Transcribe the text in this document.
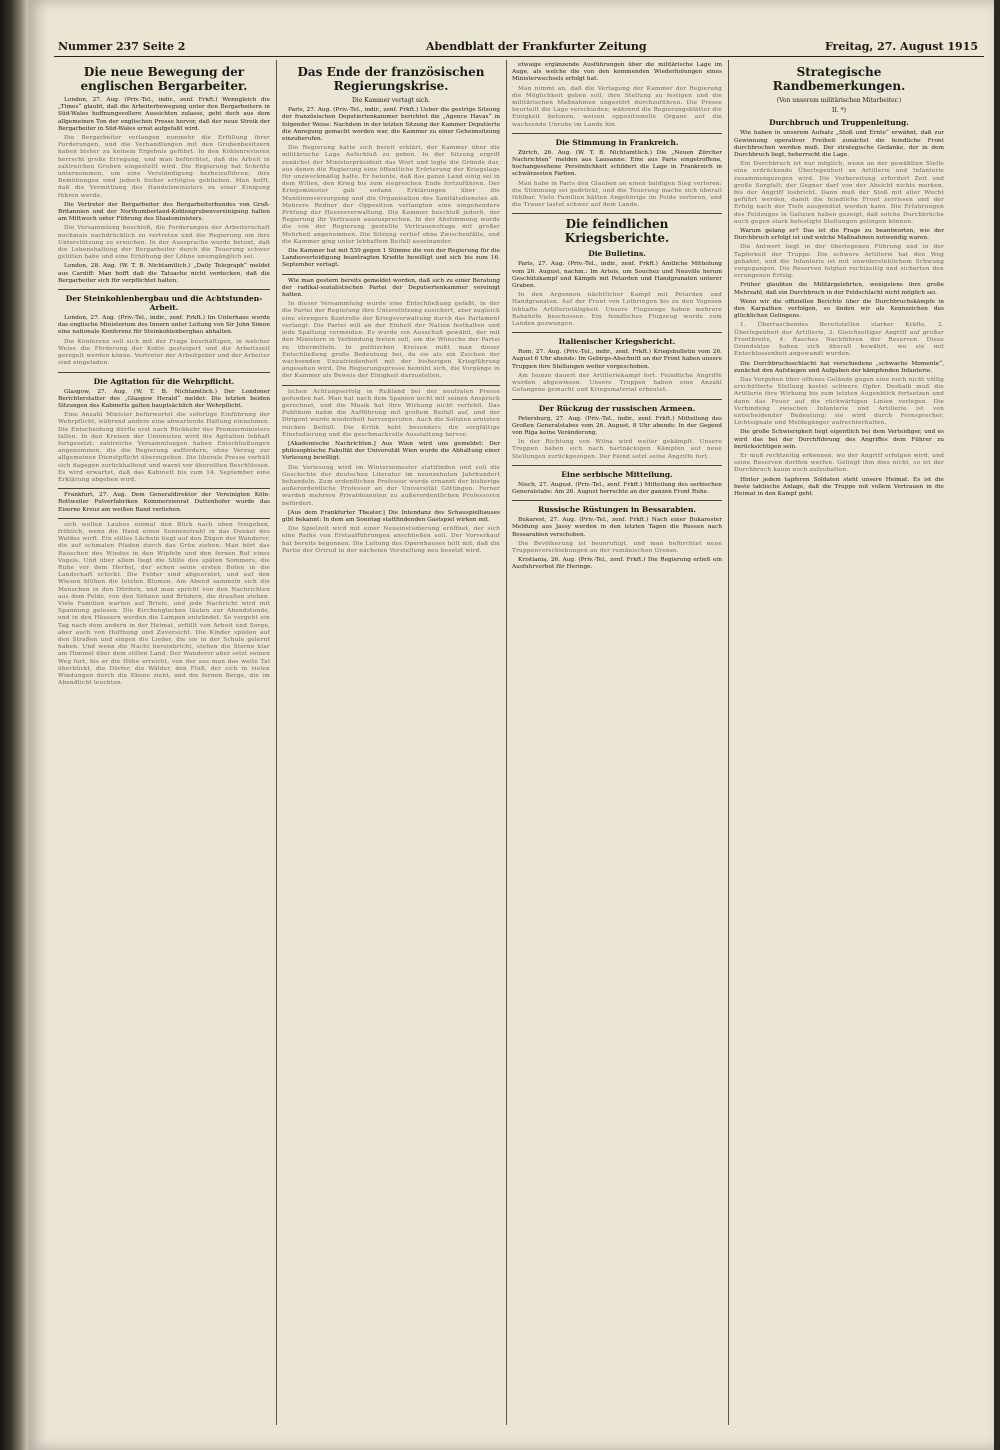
Nummer 237 Seite 2	Abendblatt der Frankfurter Zeitung	Freitag, 27. August 1915
Die neue Bewegung der englischen Bergarbeiter.

London, 27. Aug. (Priv.-Tel., indir., zenf. Frkft.) Wenngleich die „Times“ glaubt, daß die Arbeiterbewegung unter den Bergarbeitern in Süd-Wales hoffnungsvollere Aussichten zulasse, geht doch aus dem allgemeinen Ton der englischen Presse hervor, daß der neue Streik der Bergarbeiter in Süd-Wales ernst aufgefaßt wird.

Die Bergarbeiter verlangen nunmehr die Erfüllung ihrer Forderungen, und die Verhandlungen mit den Grubenbesitzern haben bisher zu keinem Ergebnis geführt. In den Kohlenrevieren herrscht große Erregung, und man befürchtet, daß die Arbeit in zahlreichen Gruben eingestellt wird. Die Regierung hat Schritte unternommen, um eine Verständigung herbeizuführen; ihre Bemühungen sind jedoch bisher erfolglos geblieben. Man hofft, daß die Vermittlung des Handelsministers zu einer Einigung führen werde.

Die Vertreter der Bergarbeiter des Bergarbeiterbundes von Groß-Britannien und der Northumberland-Kohlengrubenvereinigung halten am Mittwoch unter Führung des Staatsministers.

Die Versammlung beschloß, die Forderungen der Arbeiterschaft nochmals nachdrücklich zu vertreten und die Regierung um ihre Unterstützung zu ersuchen. In der Aussprache wurde betont, daß die Lebenshaltung der Bergarbeiter durch die Teuerung schwer gelitten habe und eine Erhöhung der Löhne unumgänglich sei.

London, 28. Aug. (W. T. B. Nichtamtlich.) „Daily Telegraph“ meldet aus Cardiff: Man hofft daß die Tatsache nicht verdecken, daß die Bergarbeiter sich für verpflichtet halten.

Der Steinkohlenbergbau und die Achtstunden-Arbeit.

London, 27. Aug. (Priv.-Tel., indir., zenf. Frkft.) Im Unterhaus wurde das englische Ministerium des Innern unter Leitung von Sir John Simon eine nationale Konferenz für Steinkohlenbergbau abhalten.

Die Konferenz soll sich mit der Frage beschäftigen, in welcher Weise die Förderung der Kohle gesteigert und die Arbeitszeit geregelt werden könne. Vertreter der Arbeitgeber und der Arbeiter sind eingeladen.

Die Agitation für die Wehrpflicht.

Glasgow, 27. Aug. (W. T. B. Nichtamtlich.) Der Londoner Berichterstatter des „Glasgow Herald“ meldet: Die letzten beiden Sitzungen des Kabinetts galten hauptsächlich der Wehrpflicht.

Eine Anzahl Minister befürwortet die sofortige Einführung der Wehrpflicht, während andere eine abwartende Haltung einnehmen. Die Entscheidung dürfte erst nach Rückkehr des Premierministers fallen. In den Kreisen der Unionisten wird die Agitation lebhaft fortgesetzt; zahlreiche Versammlungen haben Entschließungen angenommen, die die Regierung auffordern, ohne Verzug zur allgemeinen Dienstpflicht überzugehen. Die liberale Presse verhält sich dagegen zurückhaltend und warnt vor übereilten Beschlüssen. Es wird erwartet, daß das Kabinett bis zum 14. September eine Erklärung abgeben wird.

Frankfurt, 27. Aug. Dem Generaldirektor der Vereinigten Köln-Rottweiler Pulverfabriken Kommerzienrat Duttenhofer wurde das Eiserne Kreuz am weißen Band verliehen.

sich wollen Laubes einmal den Blick nach oben freigeben, fröhlich, wenn die Hand einen Sonnenstrahl in das Dunkel des Waldes wirft. Ein stilles Lächeln liegt auf den Zügen der Wanderer, die auf schmalen Pfaden durch das Grün ziehen. Man hört das Rauschen des Windes in den Wipfeln und den fernen Ruf eines Vogels. Und über allem liegt die Stille des späten Sommers, die Ruhe vor dem Herbst, der schon seine ersten Boten in die Landschaft schickt. Die Felder sind abgeerntet, und auf den Wiesen blühen die letzten Blumen. Am Abend sammeln sich die Menschen in den Dörfern, und man spricht von den Nachrichten aus dem Felde, von den Söhnen und Brüdern, die draußen stehen. Viele Familien warten auf Briefe, und jede Nachricht wird mit Spannung gelesen. Die Kirchenglocken läuten zur Abendstunde, und in den Häusern werden die Lampen entzündet. So vergeht ein Tag nach dem andern in der Heimat, erfüllt von Arbeit und Sorge, aber auch von Hoffnung und Zuversicht. Die Kinder spielen auf den Straßen und singen die Lieder, die sie in der Schule gelernt haben. Und wenn die Nacht hereinbricht, stehen die Sterne klar am Himmel über dem stillen Land. Der Wanderer aber setzt seinen Weg fort, bis er die Höhe erreicht, von der aus man das weite Tal überblickt, die Dörfer, die Wälder, den Fluß, der sich in vielen Windungen durch die Ebene zieht, und die fernen Berge, die im Abendlicht leuchten.

Das Ende der französischen Regierungskrise.

Die Kammer vertagt sich.

Paris, 27. Aug. (Priv.-Tel., indir., zenf. Frkft.) Ueber die gestrige Sitzung der französischen Deputiertenkammer berichtet die „Agence Havas“ in folgender Weise: Nachdem in der letzten Sitzung der Kammer Deputierte die Anregung gemacht worden war, die Kammer zu einer Geheimsitzung einzuberufen.

Die Regierung hatte sich bereit erklärt, der Kammer über die militärische Lage Aufschluß zu geben. In der Sitzung ergriff zunächst der Ministerpräsident das Wort und legte die Gründe dar, aus denen die Regierung eine öffentliche Erörterung der Kriegslage für unzweckmäßig halte. Er betonte, daß das ganze Land einig sei in dem Willen, den Krieg bis zum siegreichen Ende fortzuführen. Der Kriegsminister gab sodann Erklärungen über die Munitionsversorgung und die Organisation des Sanitätsdienstes ab. Mehrere Redner der Opposition verlangten eine eingehendere Prüfung der Heeresverwaltung. Die Kammer beschloß jedoch, der Regierung ihr Vertrauen auszusprechen. In der Abstimmung wurde die von der Regierung gestellte Vertrauensfrage mit großer Mehrheit angenommen. Die Sitzung verlief ohne Zwischenfälle, und die Kammer ging unter lebhaftem Beifall auseinander.

Die Kammer hat mit 539 gegen 1 Stimme die von der Regierung für die Landesverteidigung beantragten Kredite bewilligt und sich bis zum 16. September vertagt.

Wie man gestern bereits gemeldet worden, daß sich zu einer Beratung der radikal-sozialistischen Partei der Deputiertenkammer vereinigt hatten.

In dieser Versammlung wurde eine Entschließung gefaßt, in der die Partei der Regierung ihre Unterstützung zusichert, aber zugleich eine strengere Kontrolle der Kriegsverwaltung durch das Parlament verlangt. Die Partei will an der Einheit der Nation festhalten und jede Spaltung vermeiden. Es wurde ein Ausschuß gewählt, der mit den Ministern in Verbindung treten soll, um die Wünsche der Partei zu übermitteln. In politischen Kreisen mißt man dieser Entschließung große Bedeutung bei, da sie als ein Zeichen der wachsenden Unzufriedenheit mit der bisherigen Kriegführung angesehen wird. Die Regierungspresse bemüht sich, die Vorgänge in der Kammer als Beweis der Einigkeit darzustellen.

lichen Achtungserfolg in Rußland bei der neutralen Presse gefunden hat. Man hat nach dem Spanien nicht mit seinen Anspruch gerechnet, und die Musik hat ihre Wirkung nicht verfehlt. Das Publikum nahm die Aufführung mit großem Beifall auf, und der Dirigent wurde wiederholt hervorgerufen. Auch die Solisten ernteten reichen Beifall. Die Kritik hebt besonders die sorgfältige Einstudierung und die geschmackvolle Ausstattung hervor.

[Akademische Nachrichten.] Aus Wien wird uns gemeldet: Der philosophische Fakultät der Universität Wien wurde die Abhaltung einer Vorlesung bewilligt.

Die Vorlesung wird im Wintersemester stattfinden und soll die Geschichte der deutschen Literatur im neunzehnten Jahrhundert behandeln. Zum ordentlichen Professor wurde ernannt der bisherige außerordentliche Professor an der Universität Göttingen. Ferner wurden mehrere Privatdozenten zu außerordentlichen Professoren befördert.

[Aus dem Frankfurter Theater.] Die Intendanz des Schauspielhauses gibt bekannt: In dem am Sonntag stattfindenden Gastspiel wirken mit.

Die Spielzeit wird mit einer Neueinstudierung eröffnet, der sich eine Reihe von Erstaufführungen anschließen soll. Der Vorverkauf hat bereits begonnen. Die Leitung des Opernhauses teilt mit, daß die Partie der Ortrud in der nächsten Vorstellung neu besetzt wird.

etwaige ergänzende Ausführungen über die militärische Lage im Auge, als welche die von den kommenden Wiederholungen eines Ministerwechsels erfolgt hat.

Man nimmt an, daß die Vertagung der Kammer der Regierung die Möglichkeit geben soll, ihre Stellung zu festigen und die militärischen Maßnahmen ungestört durchzuführen. Die Presse beurteilt die Lage verschieden; während die Regierungsblätter die Einigkeit betonen, weisen oppositionelle Organe auf die wachsende Unruhe im Lande hin.

Die Stimmung in Frankreich.

Zürich, 26. Aug. (W. T. B. Nichtamtlich.) Die „Neuen Zürcher Nachrichten“ melden aus Lausanne: Eine aus Paris eingetroffene, hochangesehene Persönlichkeit schildert die Lage in Frankreich in schwärzesten Farben.

Man habe in Paris den Glauben an einen baldigen Sieg verloren; die Stimmung sei gedrückt, und die Teuerung mache sich überall fühlbar. Viele Familien hätten Angehörige im Felde verloren, und die Trauer lastet schwer auf dem Lande.

Die feindlichen Kriegsberichte.
Die Bulletins.

Paris, 27. Aug. (Priv.-Tel., indir., zenf. Frkft.) Amtliche Mitteilung vom 26. August, nachm.: Im Artois, um Souchez und Neuville herum Geschützkampf und Kämpfe mit Petarden und Handgranaten unterer Graben.

In den Argonnen nächtlicher Kampf mit Petarden und Handgranaten. Auf der Front von Lothringen bis zu den Vogesen lebhafte Artillerietätigkeit. Unsere Flugzeuge haben mehrere Bahnhöfe beschossen. Ein feindliches Flugzeug wurde zum Landen gezwungen.

Italienischer Kriegsbericht.

Rom, 27. Aug. (Priv.-Tel., indir., zenf. Frkft.) Kriegsbulletin vom 26. August 6 Uhr abends: Im Gebirgs-Abschnitt an der Front haben unsere Truppen ihre Stellungen weiter vorgeschoben.

Am Isonzo dauert der Artilleriekampf fort. Feindliche Angriffe wurden abgewiesen. Unsere Truppen haben eine Anzahl Gefangene gemacht und Kriegsmaterial erbeutet.

Der Rückzug der russischen Armeen.

Petersburg, 27. Aug. (Priv.-Tel., indir., zenf. Frkft.) Mitteilung des Großen Generalstabes vom 26. August, 8 Uhr abends: In der Gegend von Riga keine Veränderung.

In der Richtung von Wilna wird weiter gekämpft. Unsere Truppen haben sich nach hartnäckigen Kämpfen auf neue Stellungen zurückgezogen. Der Feind setzt seine Angriffe fort.

Eine serbische Mitteilung.

Nisch, 27. August. (Priv.-Tel., zenf. Frkft.) Mitteilung des serbischen Generalstabs: Am 26. August herrschte an der ganzen Front Ruhe.

Russische Rüstungen in Bessarabien.

Bukarest, 27. Aug. (Priv.-Tel., zenf. Frkft.) Nach einer Bukarester Meldung aus Jassy werden in den letzten Tagen die Russen nach Bessarabien verschoben.

Die Bevölkerung ist beunruhigt, und man befürchtet neue Truppenverschiebungen an der rumänischen Grenze.

Kristiania, 26. Aug. (Priv.-Tel., zenf. Frkft.) Die Regierung erließ ein Ausfuhrverbot für Heringe.

Strategische Randbemerkungen.

(Von unserem militärischen Mitarbeiter.)

II. *)

Durchbruch und Truppenleitung.

Wie haben in unserem Aufsatz „Stoß und Ernte“ erwähnt, daß zur Gewinnung operativer Freiheit zunächst die feindliche Front durchbrochen werden muß. Der strategische Gedanke, der in dem Durchbruch liegt, beherrscht die Lage.

Ein Durchbruch ist nur möglich, wenn an der gewählten Stelle eine erdrückende Überlegenheit an Artillerie und Infanterie zusammengezogen wird. Die Vorbereitung erfordert Zeit und große Sorgfalt; der Gegner darf von der Absicht nichts merken, bis der Angriff losbricht. Dann muß der Stoß mit aller Wucht geführt werden, damit die feindliche Front zerrissen und der Erfolg nach der Tiefe ausgenützt werden kann. Die Erfahrungen des Feldzuges in Galizien haben gezeigt, daß solche Durchbrüche auch gegen stark befestigte Stellungen gelingen können.

Warum gelang er? Das ist die Frage zu beantworten, wie der Durchbruch erfolgt ist und welche Maßnahmen notwendig waren.

Die Antwort liegt in der überlegenen Führung und in der Tapferkeit der Truppe. Die schwere Artillerie hat den Weg gebahnt, und die Infanterie ist mit unwiderstehlichem Schwung vorgegangen. Die Reserven folgten rechtzeitig und sicherten den errungenen Erfolg.

Früher glaubten die Militärgelehrten, wenigstens ihre große Mehrzahl, daß ein Durchbruch in der Feldschlacht nicht möglich sei.

Wenn wir die offiziellen Berichte über die Durchbruchskämpfe in den Karpathen verfolgen, so finden wir als Kennzeichen des glücklichen Gelingens.

1. Überraschendes Bereitstellen starker Kräfte, 2. Überlegenheit der Artillerie, 3. Gleichzeitiger Angriff auf großer Frontbreite, 4. Rasches Nachführen der Reserven. Diese Grundsätze haben sich überall bewährt, wo sie mit Entschlossenheit angewandt wurden.

Die Durchbruchsschlacht hat verschiedene „schwache Momente“, zunächst den Aufstiegen und Aufgaben der kämpfenden Infanterie.

Das Vorgehen über offenes Gelände gegen eine noch nicht völlig erschütterte Stellung kostet schwere Opfer. Deshalb muß die Artillerie ihre Wirkung bis zum letzten Augenblick fortsetzen und dann das Feuer auf die rückwärtigen Linien verlegen. Die Verbindung zwischen Infanterie und Artillerie ist von entscheidender Bedeutung; sie wird durch Fernsprecher, Lichtsignale und Meldegänger aufrechterhalten.

Die große Schwierigkeit liegt eigentlich bei dem Verteidiger, und es wird das bei der Durchführung des Angriffes dem Führer zu berücksichtigen sein.

Er muß rechtzeitig erkennen, wo der Angriff erfolgen wird, und seine Reserven dorthin werfen. Gelingt ihm dies nicht, so ist der Durchbruch kaum noch aufzuhalten.

Hinter jedem tapferen Soldaten steht unsere Heimat. Es ist die beste taktische Anlage, daß die Truppe mit vollem Vertrauen in die Heimat in den Kampf geht.
